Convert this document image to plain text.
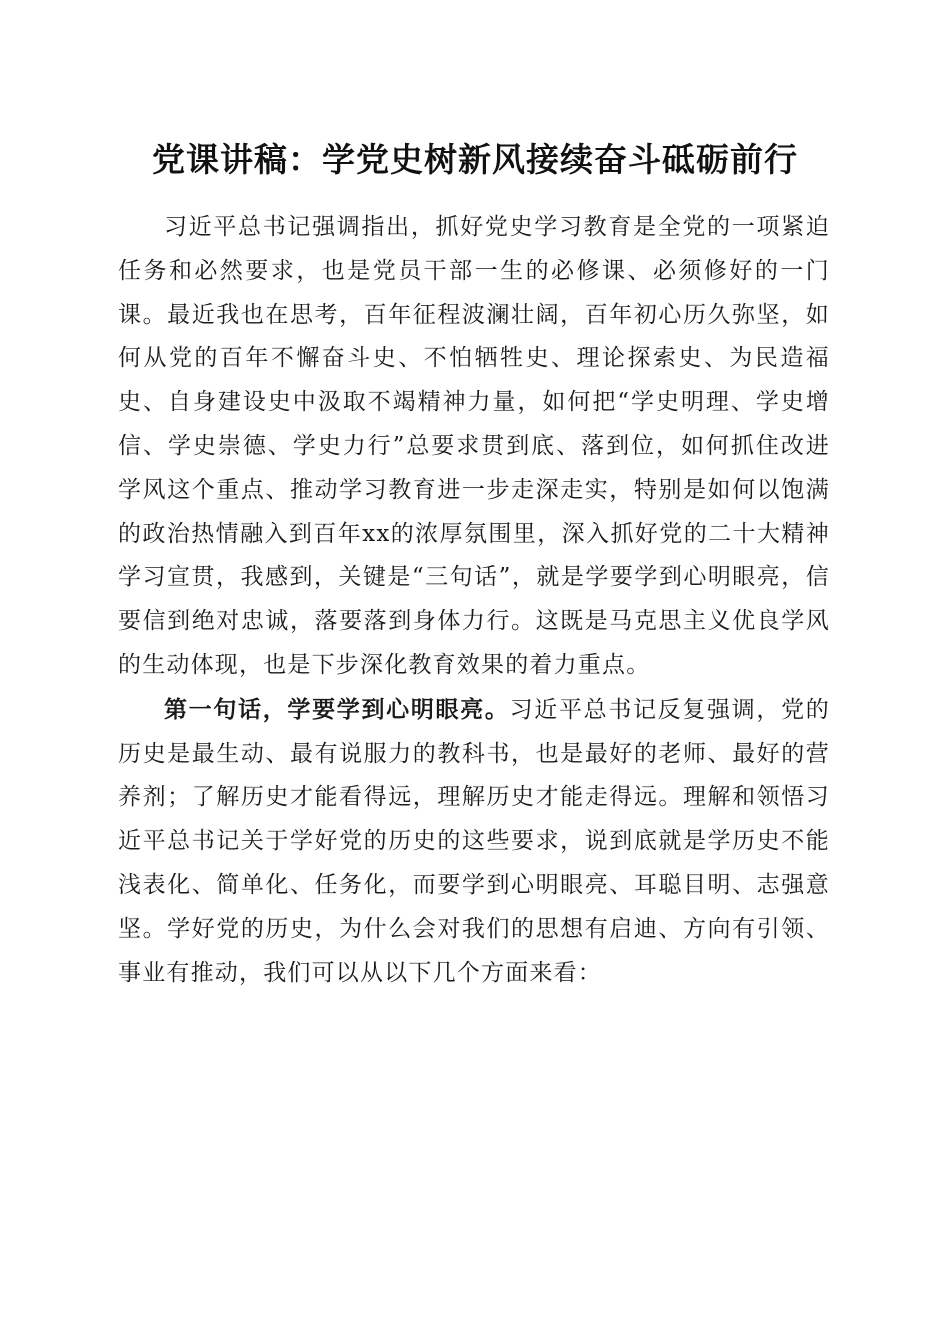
党课讲稿：学党史树新风接续奋斗砥砺前行

习近平总书记强调指出，抓好党史学习教育是全党的一项紧迫任务和必然要求，也是党员干部一生的必修课、必须修好的一门课。最近我也在思考，百年征程波澜壮阔，百年初心历久弥坚，如何从党的百年不懈奋斗史、不怕牺牲史、理论探索史、为民造福史、自身建设史中汲取不竭精神力量，如何把“学史明理、学史增信、学史崇德、学史力行”总要求贯到底、落到位，如何抓住改进学风这个重点、推动学习教育进一步走深走实，特别是如何以饱满的政治热情融入到百年xx的浓厚氛围里，深入抓好党的二十大精神学习宣贯，我感到，关键是“三句话”，就是学要学到心明眼亮，信要信到绝对忠诚，落要落到身体力行。这既是马克思主义优良学风的生动体现，也是下步深化教育效果的着力重点。

第一句话，学要学到心明眼亮。习近平总书记反复强调，党的历史是最生动、最有说服力的教科书，也是最好的老师、最好的营养剂；了解历史才能看得远，理解历史才能走得远。理解和领悟习近平总书记关于学好党的历史的这些要求，说到底就是学历史不能浅表化、简单化、任务化，而要学到心明眼亮、耳聪目明、志强意坚。学好党的历史，为什么会对我们的思想有启迪、方向有引领、事业有推动，我们可以从以下几个方面来看：
